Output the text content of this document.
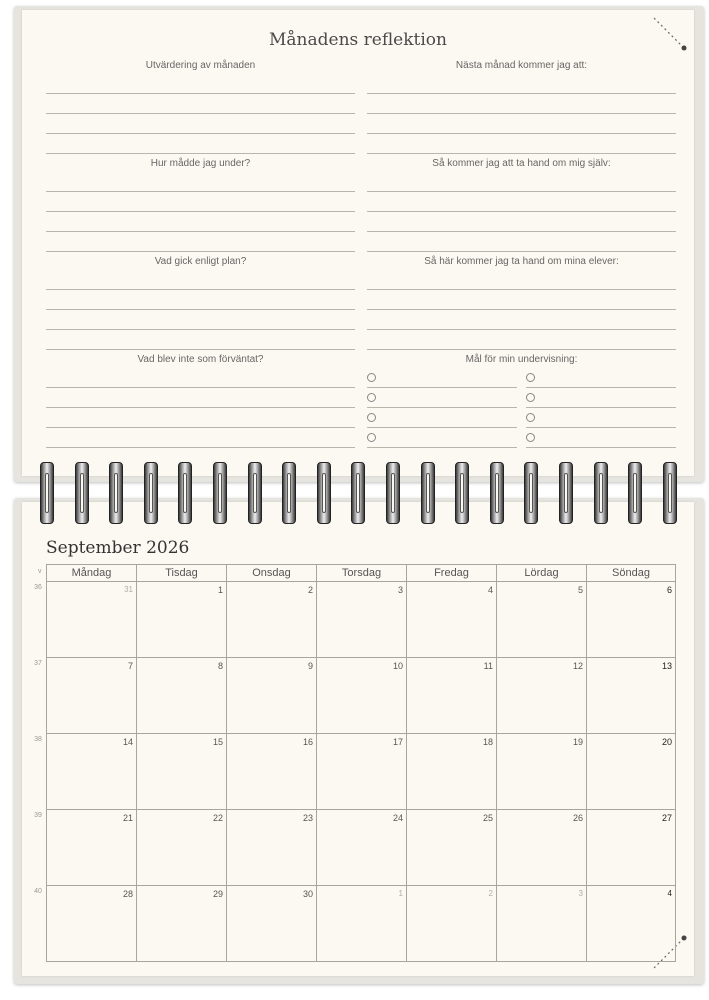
Månadens reflektion
Utvärdering av månaden	Nästa månad kommer jag att:
Hur mådde jag under?	Så kommer jag att ta hand om mig själv:
Vad gick enligt plan?	Så här kommer jag ta hand om mina elever:
Vad blev inte som förväntat?	Mål för min undervisning:
September 2026
v	Måndag	Tisdag	Onsdag	Torsdag	Fredag	Lördag	Söndag
36	31	1	2	3	4	5	6
37	7	8	9	10	11	12	13
38	14	15	16	17	18	19	20
39	21	22	23	24	25	26	27
40	28	29	30	1	2	3	4
